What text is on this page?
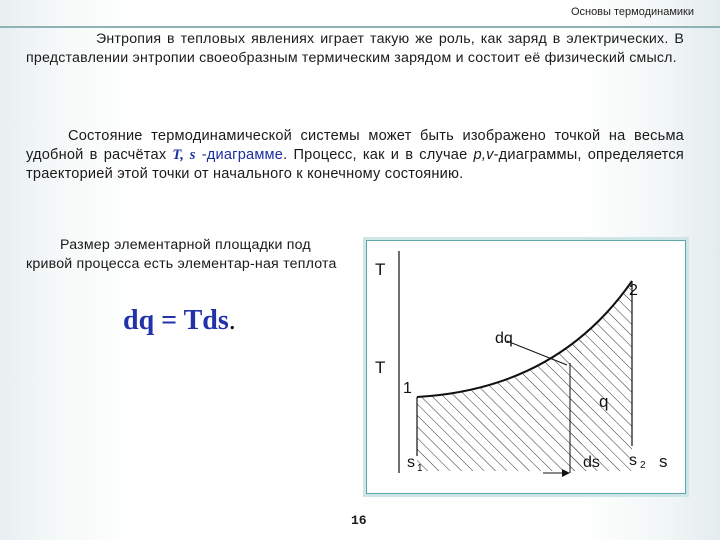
Основы термодинамики
Энтропия в тепловых явлениях играет такую же роль, как заряд в электрических. В представлении энтропии своеобразным термическим зарядом и состоит её физический смысл.
Состояние термодинамической системы может быть изображено точкой на весьма удобной в расчётах T, s -диаграмме. Процесс, как и в случае p,v-диаграммы, определяется траекторией этой точки от начального к конечному состоянию.
Размер элементарной площадки под кривой процесса есть элементар-ная теплота
dq = Tds.
T
2
dq
T
1
q
s 1	ds s 2 s
16
